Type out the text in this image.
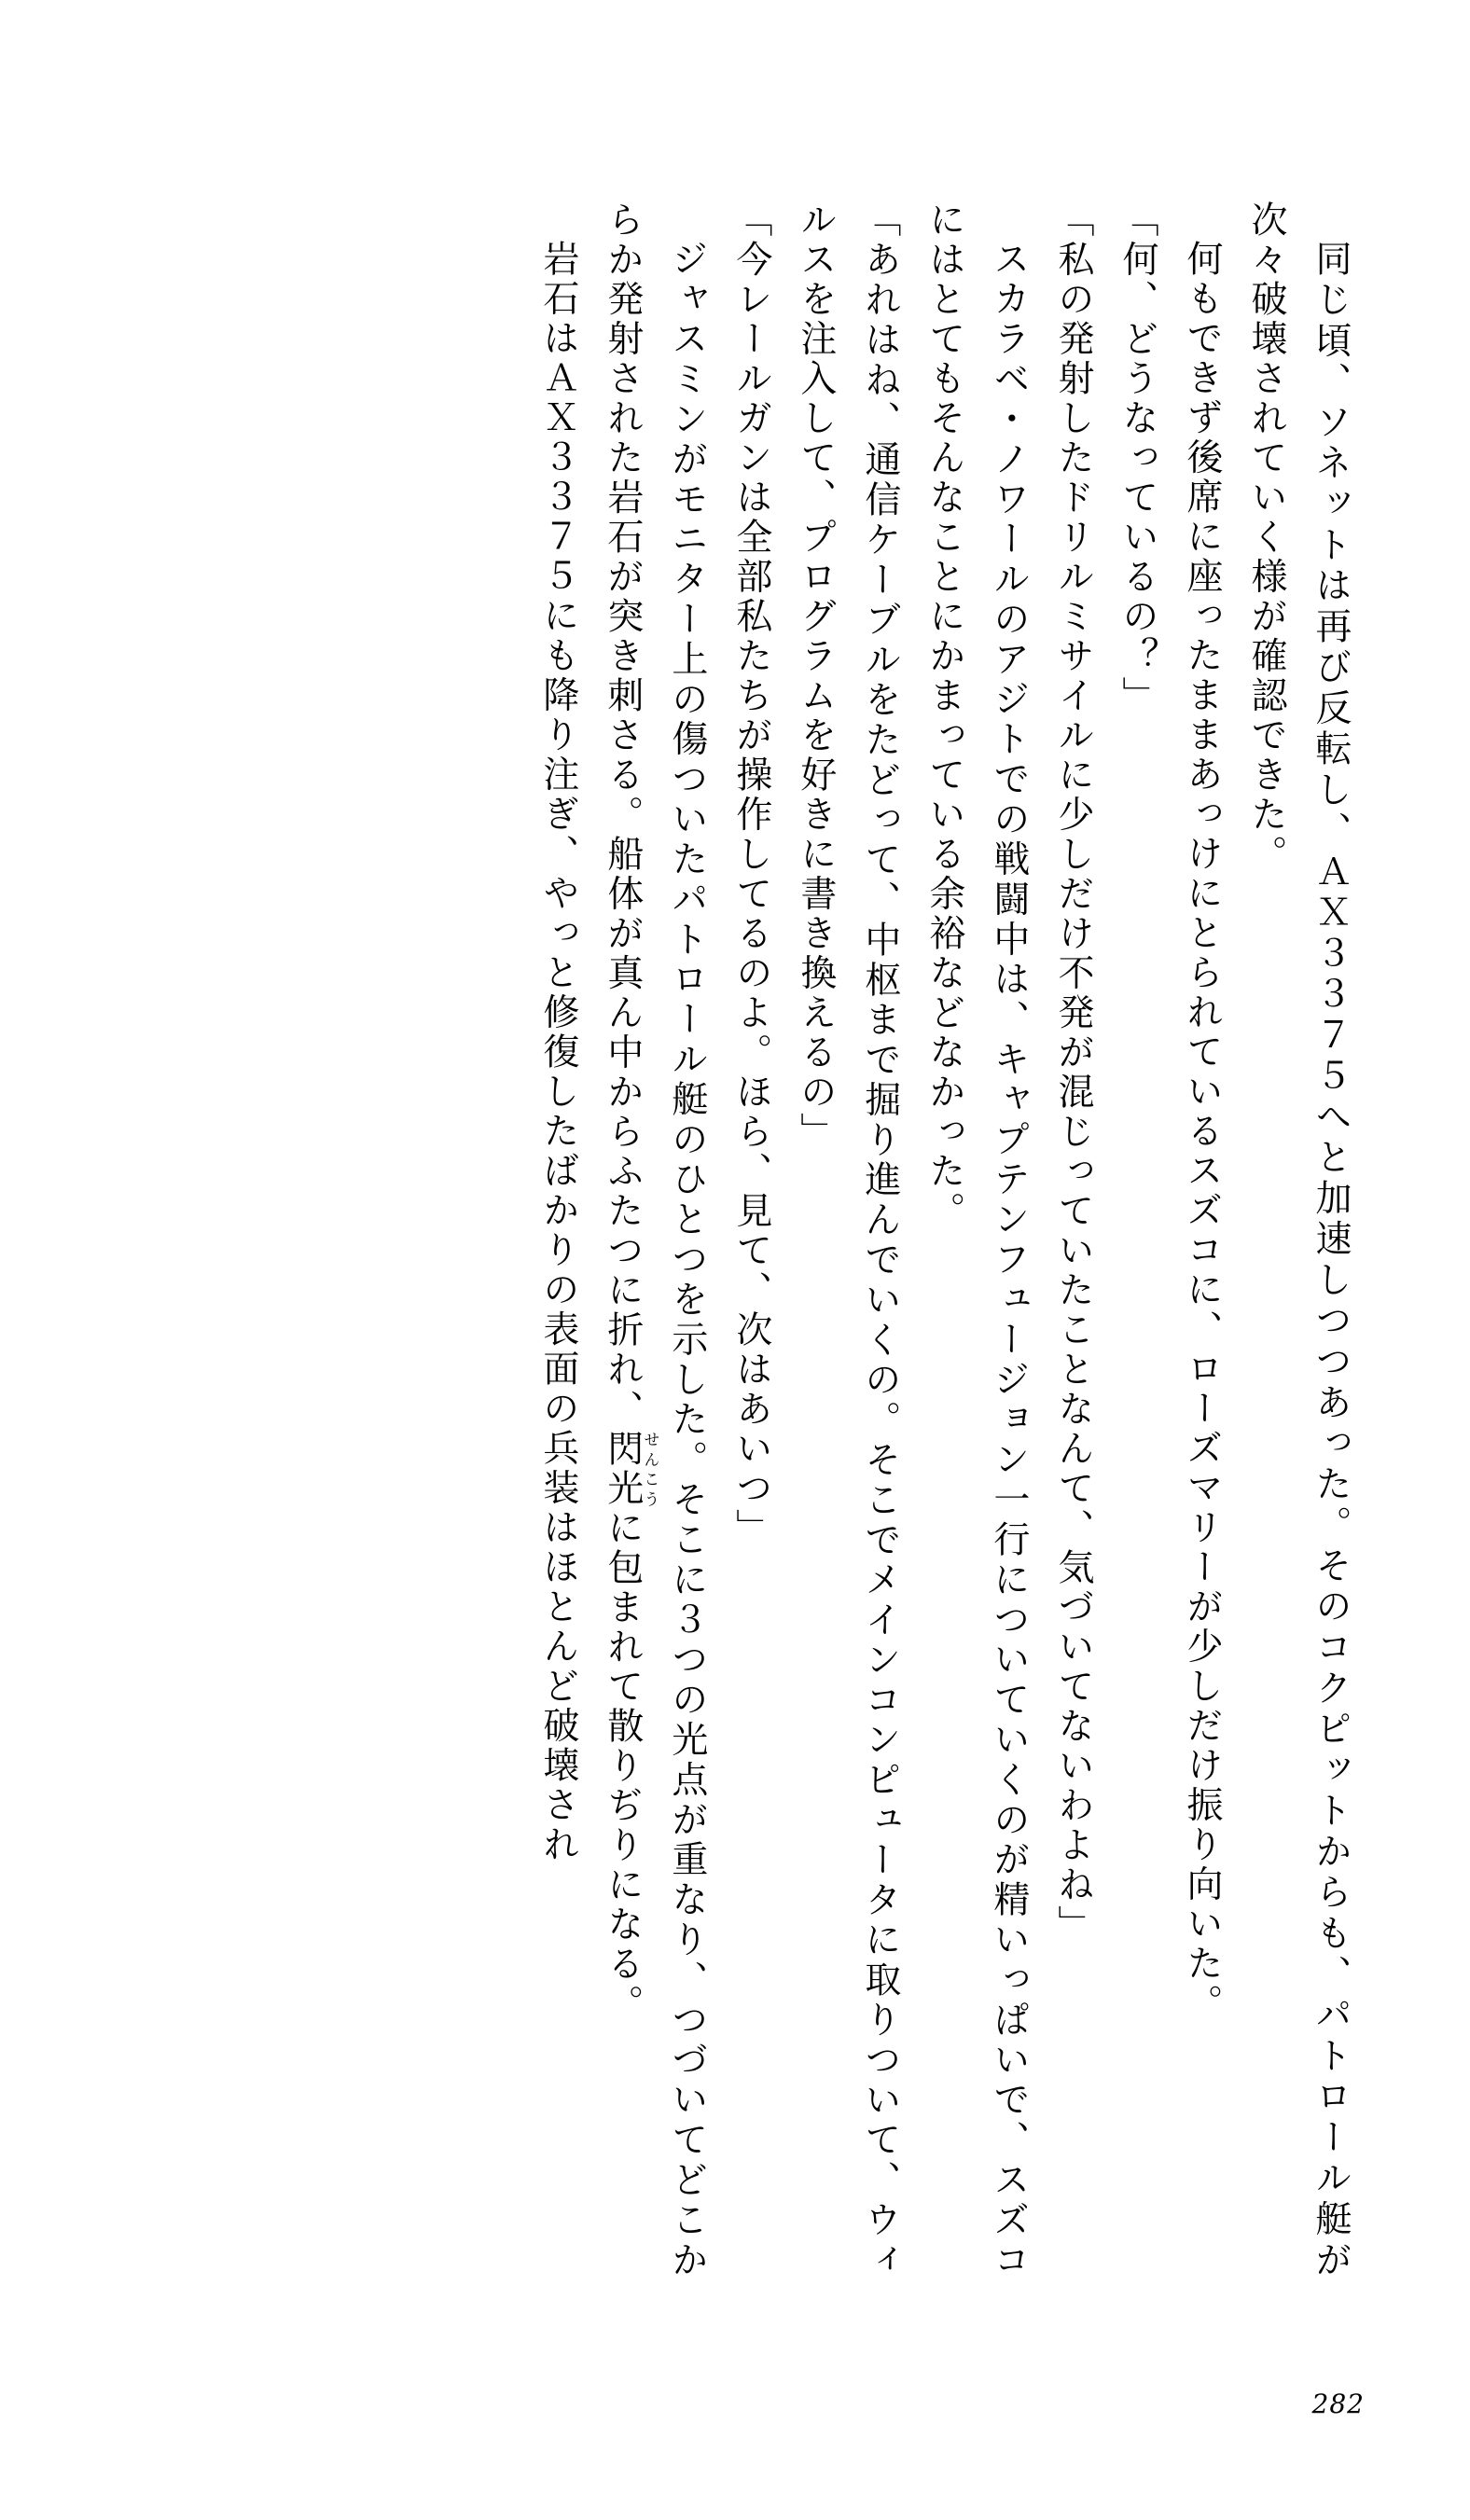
同じ頃、ソネットは再び反転し、ＡＸ３３７５へと加速しつつあった。そのコクピットからも、パトロール艇が次々破壊されていく様が確認できた。

何もできず後席に座ったままあっけにとられているスズコに、ローズマリーが少しだけ振り向いた。

「何、どうなっているの？」

「私の発射したドリルミサイルに少しだけ不発が混じっていたことなんて、気づいてないわよね」

スカラベ・ノワールのアジトでの戦闘中は、キャプテンフュージョン一行についていくのが精いっぱいで、スズコにはとてもそんなことにかまっている余裕などなかった。

「あれはね、通信ケーブルをたどって、中枢まで掘り進んでいくの。そこでメインコンピュータに取りついて、ウィルスを注入して、プログラムを好きに書き換えるの」

「今レールガンは全部私たちが操作してるのよ。ほら、見て、次はあいつ」

ジャスミンがモニター上の傷ついたパトロール艇のひとつを示した。そこに３つの光点が重なり、つづいてどこからか発射された岩石が突き刺さる。船体が真ん中からふたつに折れ、閃せん光こうに包まれて散りぢりになる。

岩石はＡＸ３３７５にも降り注ぎ、やっと修復したばかりの表面の兵装はほとんど破壊され

282
